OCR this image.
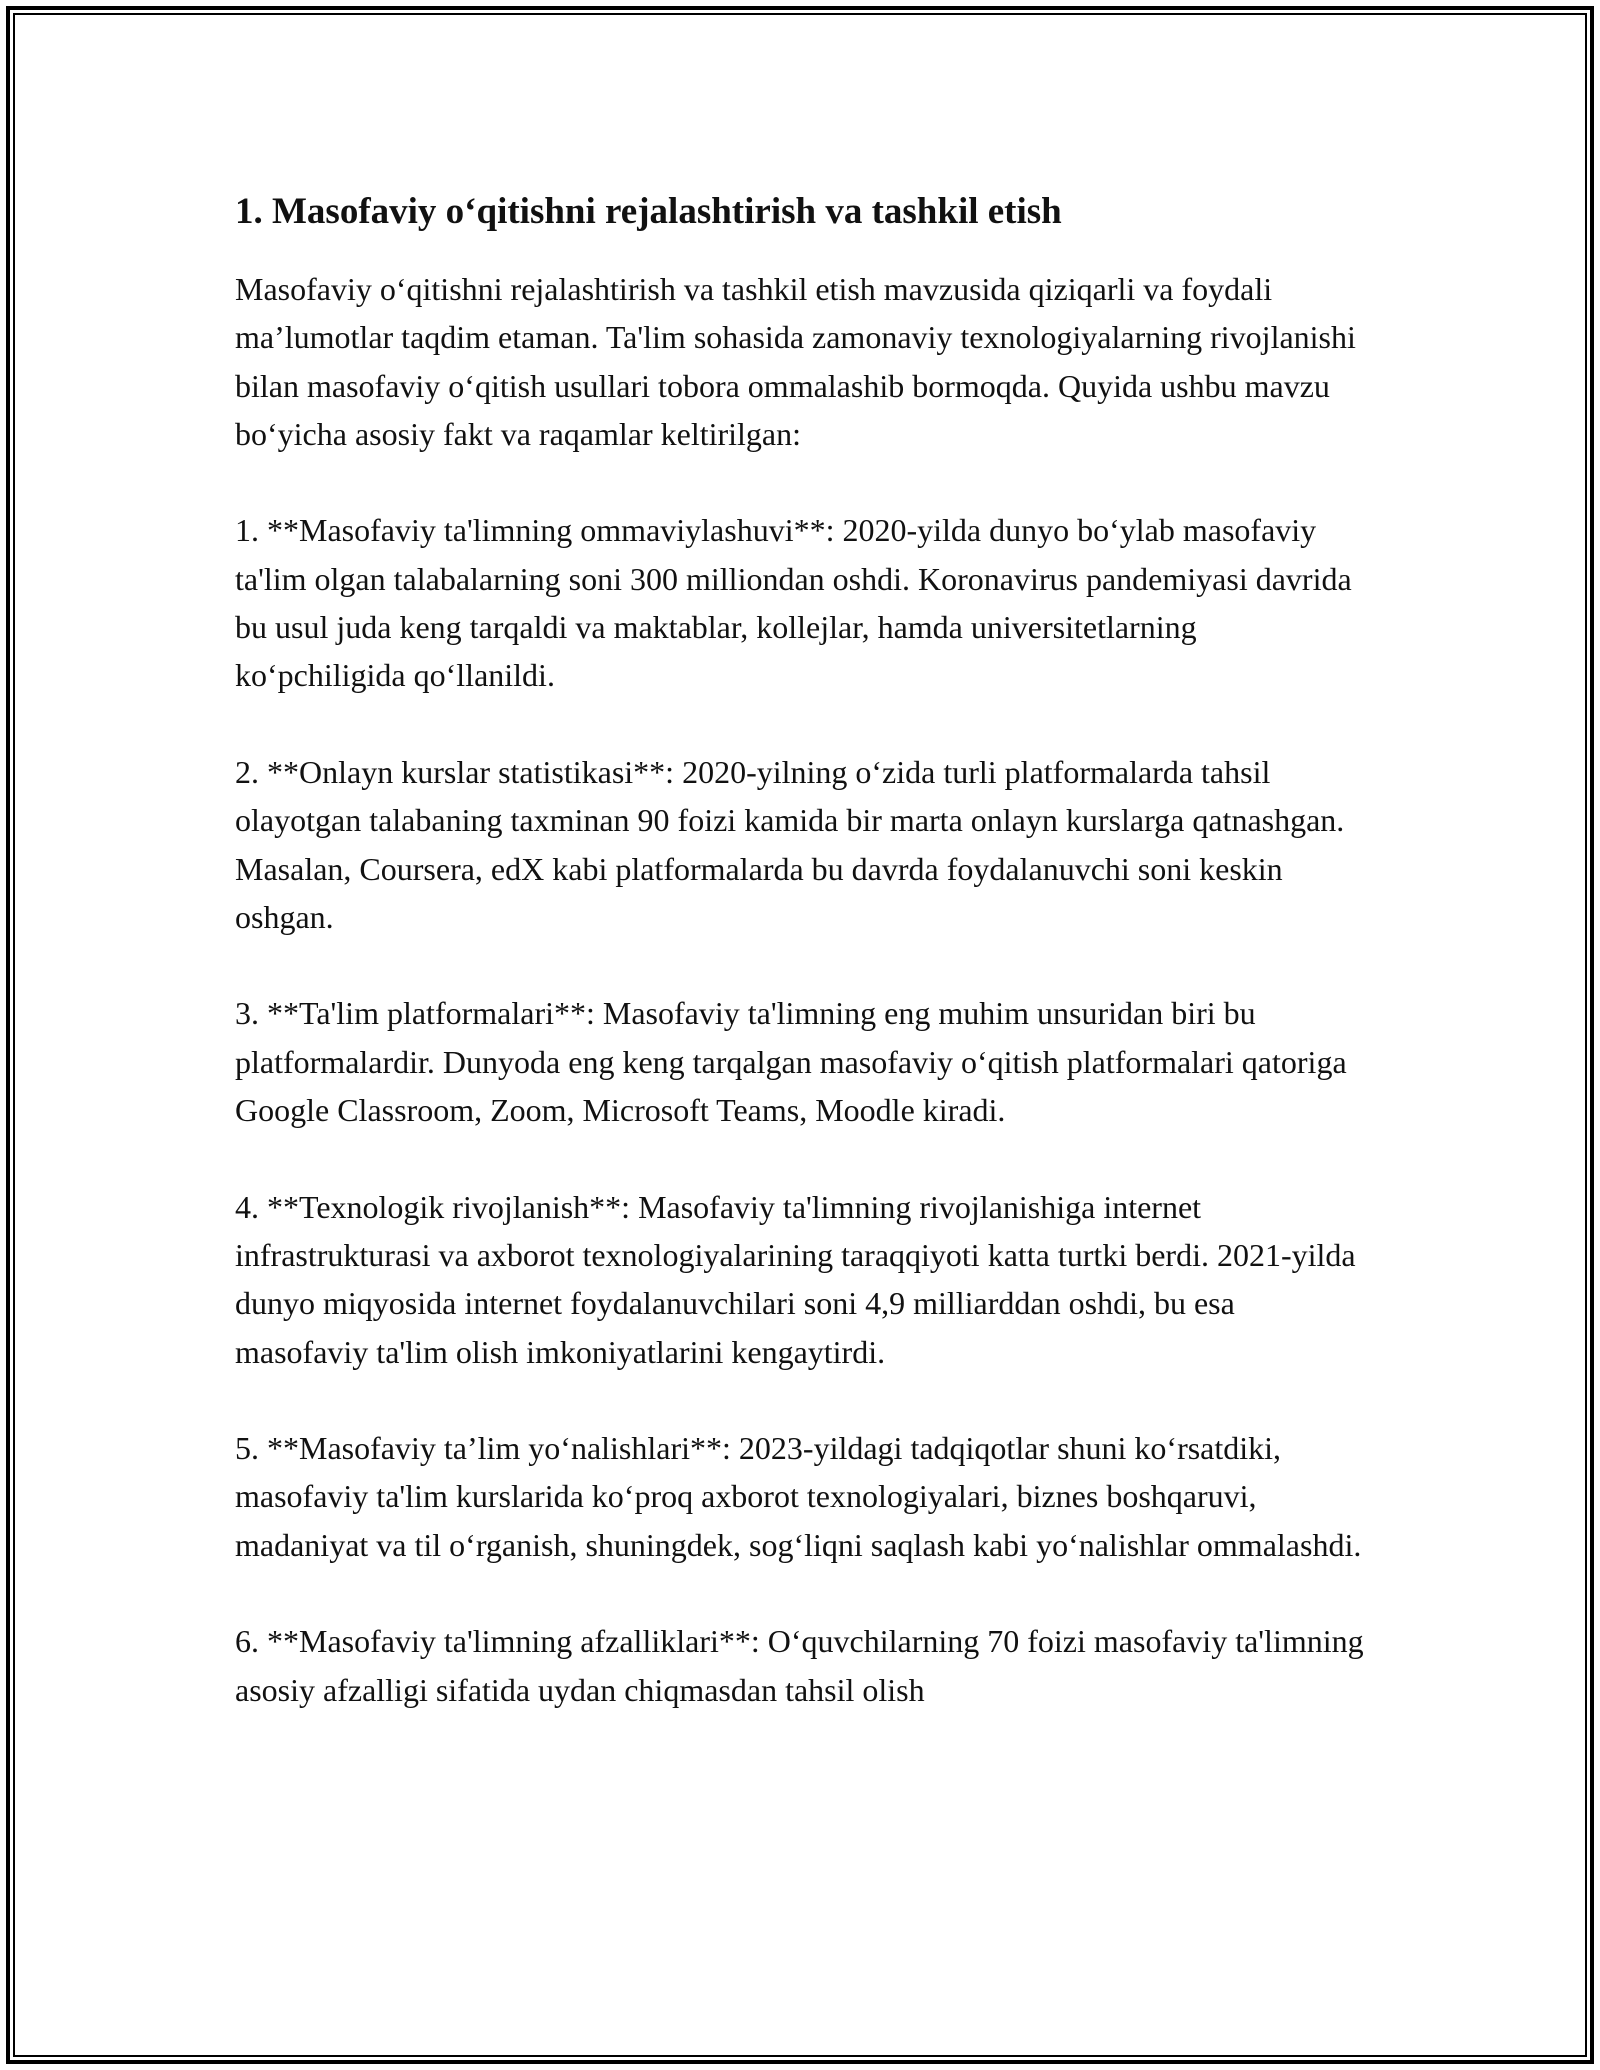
1. Masofaviy o‘qitishni rejalashtirish va tashkil etish

Masofaviy o‘qitishni rejalashtirish va tashkil etish mavzusida qiziqarli va foydali ma’lumotlar taqdim etaman. Ta'lim sohasida zamonaviy texnologiyalarning rivojlanishi bilan masofaviy o‘qitish usullari tobora ommalashib bormoqda. Quyida ushbu mavzu bo‘yicha asosiy fakt va raqamlar keltirilgan:

1. **Masofaviy ta'limning ommaviylashuvi**: 2020-yilda dunyo bo‘ylab masofaviy ta'lim olgan talabalarning soni 300 milliondan oshdi. Koronavirus pandemiyasi davrida bu usul juda keng tarqaldi va maktablar, kollejlar, hamda universitetlarning ko‘pchiligida qo‘llanildi.

2. **Onlayn kurslar statistikasi**: 2020-yilning o‘zida turli platformalarda tahsil olayotgan talabaning taxminan 90 foizi kamida bir marta onlayn kurslarga qatnashgan. Masalan, Coursera, edX kabi platformalarda bu davrda foydalanuvchi soni keskin oshgan.

3. **Ta'lim platformalari**: Masofaviy ta'limning eng muhim unsuridan biri bu platformalardir. Dunyoda eng keng tarqalgan masofaviy o‘qitish platformalari qatoriga Google Classroom, Zoom, Microsoft Teams, Moodle kiradi.

4. **Texnologik rivojlanish**: Masofaviy ta'limning rivojlanishiga internet infrastrukturasi va axborot texnologiyalarining taraqqiyoti katta turtki berdi. 2021-yilda dunyo miqyosida internet foydalanuvchilari soni 4,9 milliarddan oshdi, bu esa masofaviy ta'lim olish imkoniyatlarini kengaytirdi.

5. **Masofaviy ta’lim yo‘nalishlari**: 2023-yildagi tadqiqotlar shuni ko‘rsatdiki, masofaviy ta'lim kurslarida ko‘proq axborot texnologiyalari, biznes boshqaruvi, madaniyat va til o‘rganish, shuningdek, sog‘liqni saqlash kabi yo‘nalishlar ommalashdi.

6. **Masofaviy ta'limning afzalliklari**: O‘quvchilarning 70 foizi masofaviy ta'limning asosiy afzalligi sifatida uydan chiqmasdan tahsil olish
